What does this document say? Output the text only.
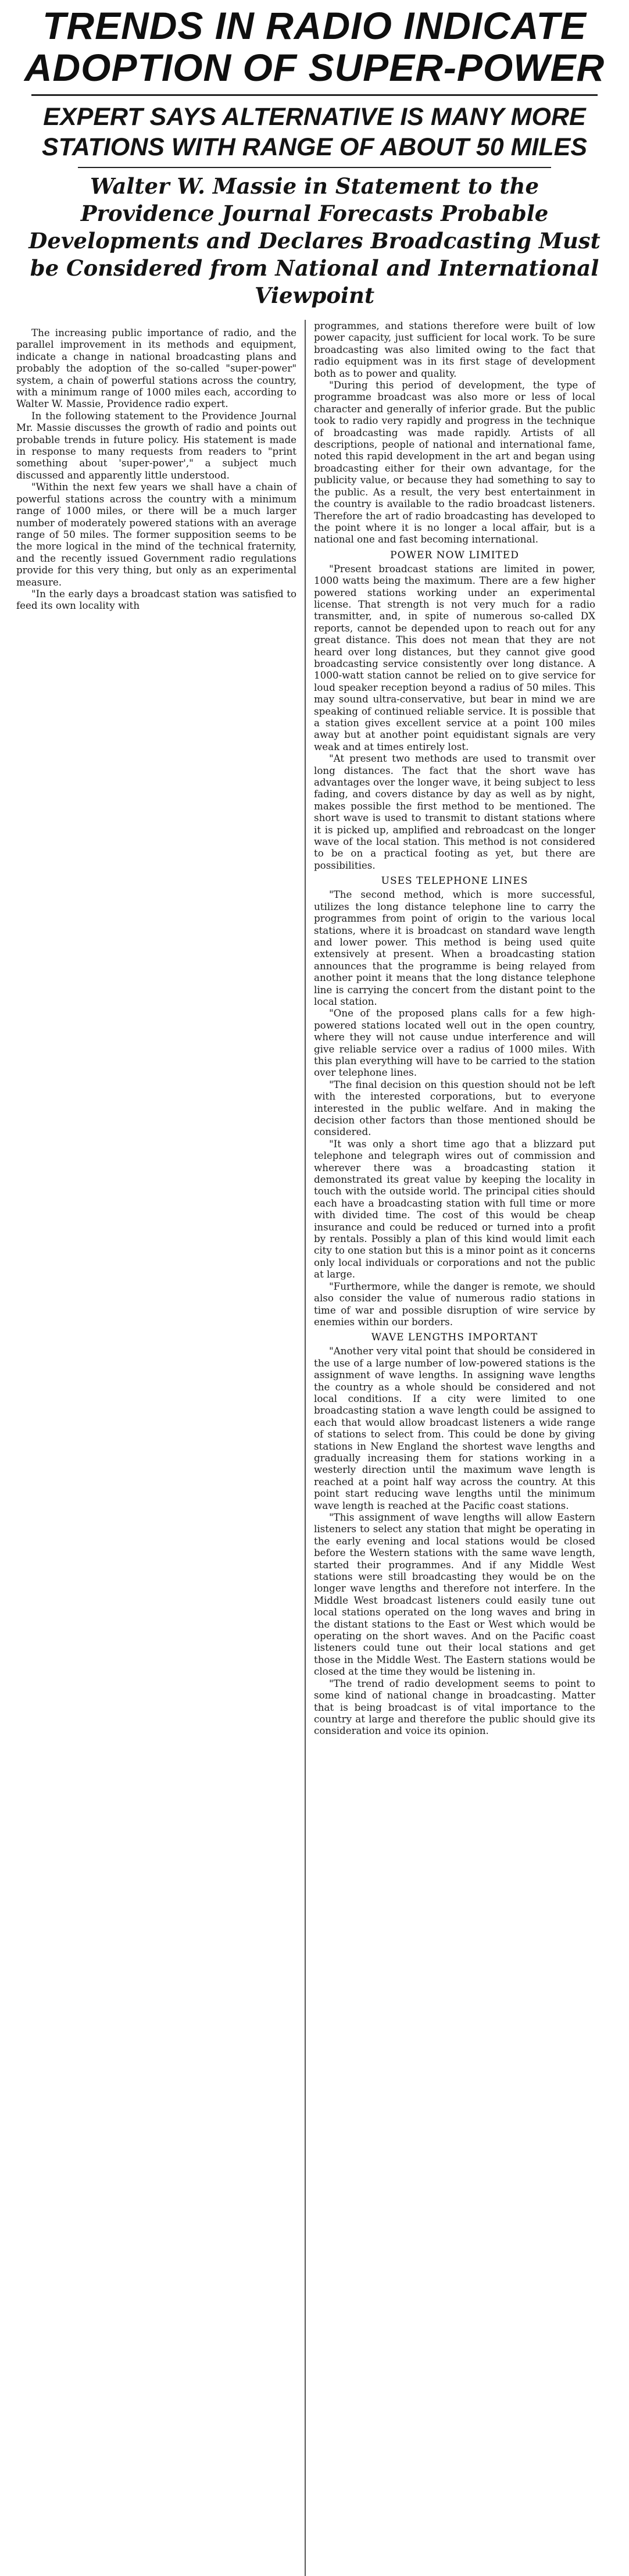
TRENDS IN RADIO INDICATE ADOPTION OF SUPER-POWER
EXPERT SAYS ALTERNATIVE IS MANY MORE STATIONS WITH RANGE OF ABOUT 50 MILES
Walter W. Massie in Statement to the Providence Journal Forecasts Probable Developments and Declares Broadcasting Must be Considered from National and International Viewpoint

The increasing public importance of radio, and the parallel improvement in its methods and equipment, indicate a change in national broadcasting plans and probably the adoption of the so-called "super-power" system, a chain of powerful stations across the country, with a minimum range of 1000 miles each, according to Walter W. Massie, Providence radio expert.

In the following statement to the Providence Journal Mr. Massie discusses the growth of radio and points out probable trends in future policy. His statement is made in response to many requests from readers to "print something about 'super-power'," a subject much discussed and apparently little understood.

"Within the next few years we shall have a chain of powerful stations across the country with a minimum range of 1000 miles, or there will be a much larger number of moderately powered stations with an average range of 50 miles. The former supposition seems to be the more logical in the mind of the technical fraternity, and the recently issued Government radio regulations provide for this very thing, but only as an experimental measure.

"In the early days a broadcast station was satisfied to feed its own locality with

programmes, and stations therefore were built of low power capacity, just sufficient for local work. To be sure broadcasting was also limited owing to the fact that radio equipment was in its first stage of development both as to power and quality.

"During this period of development, the type of programme broadcast was also more or less of local character and generally of inferior grade. But the public took to radio very rapidly and progress in the technique of broadcasting was made rapidly. Artists of all descriptions, people of national and international fame, noted this rapid development in the art and began using broadcasting either for their own advantage, for the publicity value, or because they had something to say to the public. As a result, the very best entertainment in the country is available to the radio broadcast listeners. Therefore the art of radio broadcasting has developed to the point where it is no longer a local affair, but is a national one and fast becoming international.

POWER NOW LIMITED

"Present broadcast stations are limited in power, 1000 watts being the maximum. There are a few higher powered stations working under an experimental license. That strength is not very much for a radio transmitter, and, in spite of numerous so-called DX reports, cannot be depended upon to reach out for any great distance. This does not mean that they are not heard over long distances, but they cannot give good broadcasting service consistently over long distance. A 1000-watt station cannot be relied on to give service for loud speaker reception beyond a radius of 50 miles. This may sound ultra-conservative, but bear in mind we are speaking of continued reliable service. It is possible that a station gives excellent service at a point 100 miles away but at another point equidistant signals are very weak and at times entirely lost.

"At present two methods are used to transmit over long distances. The fact that the short wave has advantages over the longer wave, it being subject to less fading, and covers distance by day as well as by night, makes possible the first method to be mentioned. The short wave is used to transmit to distant stations where it is picked up, amplified and rebroadcast on the longer wave of the local station. This method is not considered to be on a practical footing as yet, but there are possibilities.

USES TELEPHONE LINES

"The second method, which is more successful, utilizes the long distance telephone line to carry the programmes from point of origin to the various local stations, where it is broadcast on standard wave length and lower power. This method is being used quite extensively at present. When a broadcasting station announces that the programme is being relayed from another point it means that the long distance telephone line is carrying the concert from the distant point to the local station.

"One of the proposed plans calls for a few high-powered stations located well out in the open country, where they will not cause undue interference and will give reliable service over a radius of 1000 miles. With this plan everything will have to be carried to the station over telephone lines.

"The final decision on this question should not be left with the interested corporations, but to everyone interested in the public welfare. And in making the decision other factors than those mentioned should be considered.

"It was only a short time ago that a blizzard put telephone and telegraph wires out of commission and wherever there was a broadcasting station it demonstrated its great value by keeping the locality in touch with the outside world. The principal cities should each have a broadcasting station with full time or more with divided time. The cost of this would be cheap insurance and could be reduced or turned into a profit by rentals. Possibly a plan of this kind would limit each city to one station but this is a minor point as it concerns only local individuals or corporations and not the public at large.

"Furthermore, while the danger is remote, we should also consider the value of numerous radio stations in time of war and possible disruption of wire service by enemies within our borders.

WAVE LENGTHS IMPORTANT

"Another very vital point that should be considered in the use of a large number of low-powered stations is the assignment of wave lengths. In assigning wave lengths the country as a whole should be considered and not local conditions. If a city were limited to one broadcasting station a wave length could be assigned to each that would allow broadcast listeners a wide range of stations to select from. This could be done by giving stations in New England the shortest wave lengths and gradually increasing them for stations working in a westerly direction until the maximum wave length is reached at a point half way across the country. At this point start reducing wave lengths until the minimum wave length is reached at the Pacific coast stations.

"This assignment of wave lengths will allow Eastern listeners to select any station that might be operating in the early evening and local stations would be closed before the Western stations with the same wave length, started their programmes. And if any Middle West stations were still broadcasting they would be on the longer wave lengths and therefore not interfere. In the Middle West broadcast listeners could easily tune out local stations operated on the long waves and bring in the distant stations to the East or West which would be operating on the short waves. And on the Pacific coast listeners could tune out their local stations and get those in the Middle West. The Eastern stations would be closed at the time they would be listening in.

"The trend of radio development seems to point to some kind of national change in broadcasting. Matter that is being broadcast is of vital importance to the country at large and therefore the public should give its consideration and voice its opinion.
